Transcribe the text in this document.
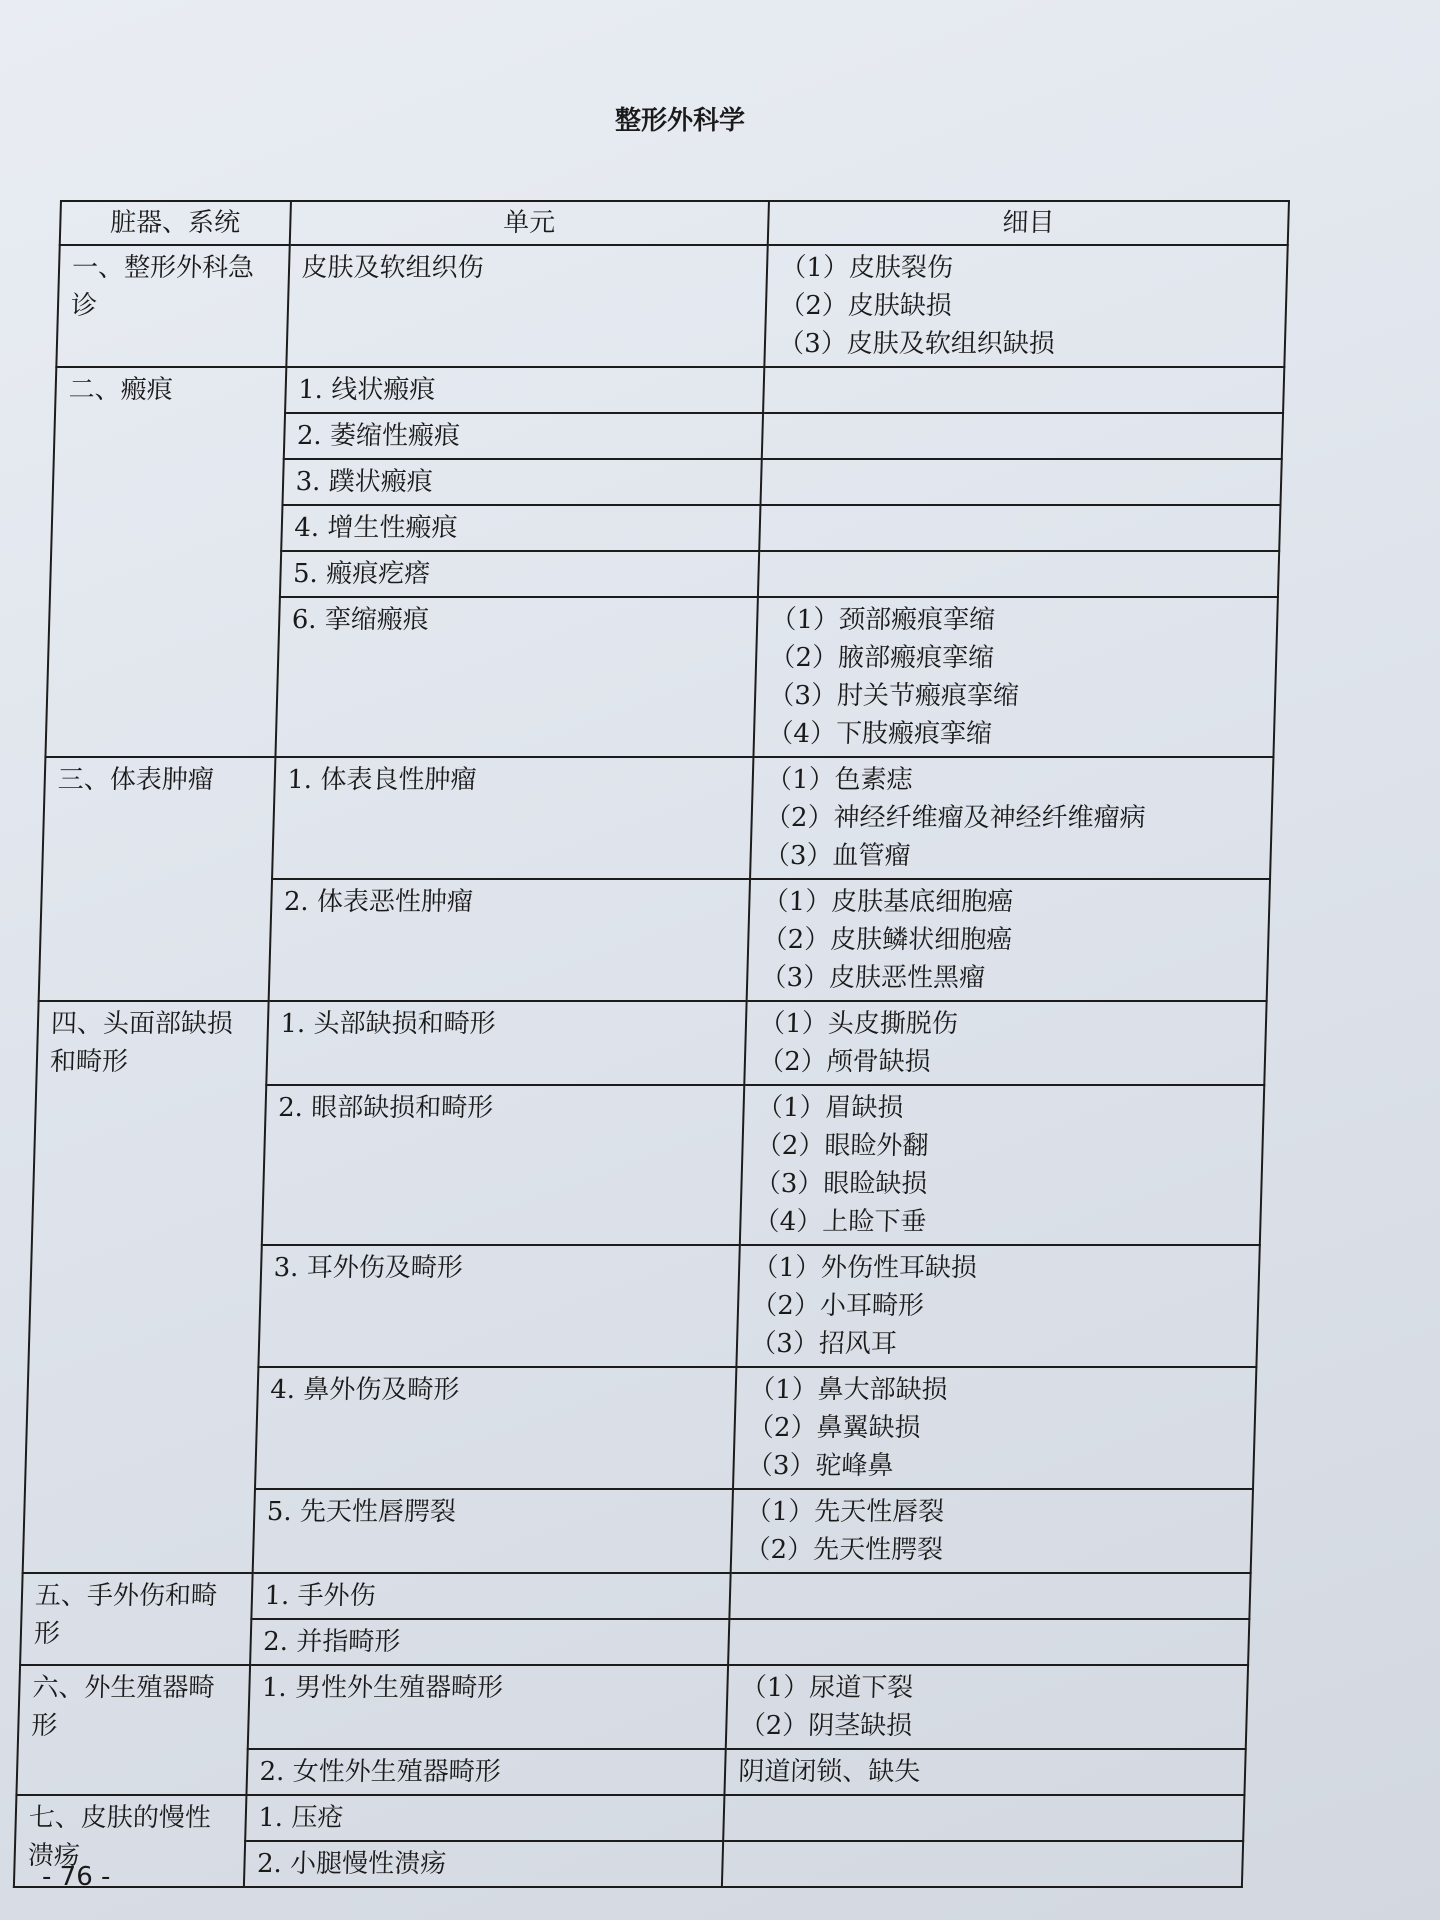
整形外科学
脏器、系统	单元	细目
一、整形外科急诊	皮肤及软组织伤	（1）皮肤裂伤
（2）皮肤缺损
（3）皮肤及软组织缺损

二、瘢痕	1. 线状瘢痕	
	2. 萎缩性瘢痕	
	3. 蹼状瘢痕	
	4. 增生性瘢痕	
	5. 瘢痕疙瘩	
	6. 挛缩瘢痕	（1）颈部瘢痕挛缩
（2）腋部瘢痕挛缩
（3）肘关节瘢痕挛缩
（4）下肢瘢痕挛缩

三、体表肿瘤	1. 体表良性肿瘤	（1）色素痣
（2）神经纤维瘤及神经纤维瘤病
（3）血管瘤

	2. 体表恶性肿瘤	（1）皮肤基底细胞癌
（2）皮肤鳞状细胞癌
（3）皮肤恶性黑瘤

四、头面部缺损和畸形	1. 头部缺损和畸形	（1）头皮撕脱伤
（2）颅骨缺损

	2. 眼部缺损和畸形	（1）眉缺损
（2）眼睑外翻
（3）眼睑缺损
（4）上睑下垂

	3. 耳外伤及畸形	（1）外伤性耳缺损
（2）小耳畸形
（3）招风耳

	4. 鼻外伤及畸形	（1）鼻大部缺损
（2）鼻翼缺损
（3）驼峰鼻

	5. 先天性唇腭裂	（1）先天性唇裂
（2）先天性腭裂

五、手外伤和畸形	1. 手外伤	
	2. 并指畸形	
六、外生殖器畸形	1. 男性外生殖器畸形	（1）尿道下裂
（2）阴茎缺损

	2. 女性外生殖器畸形	阴道闭锁、缺失

七、皮肤的慢性溃疡	1. 压疮	
	2. 小腿慢性溃疡	
- 76 -
